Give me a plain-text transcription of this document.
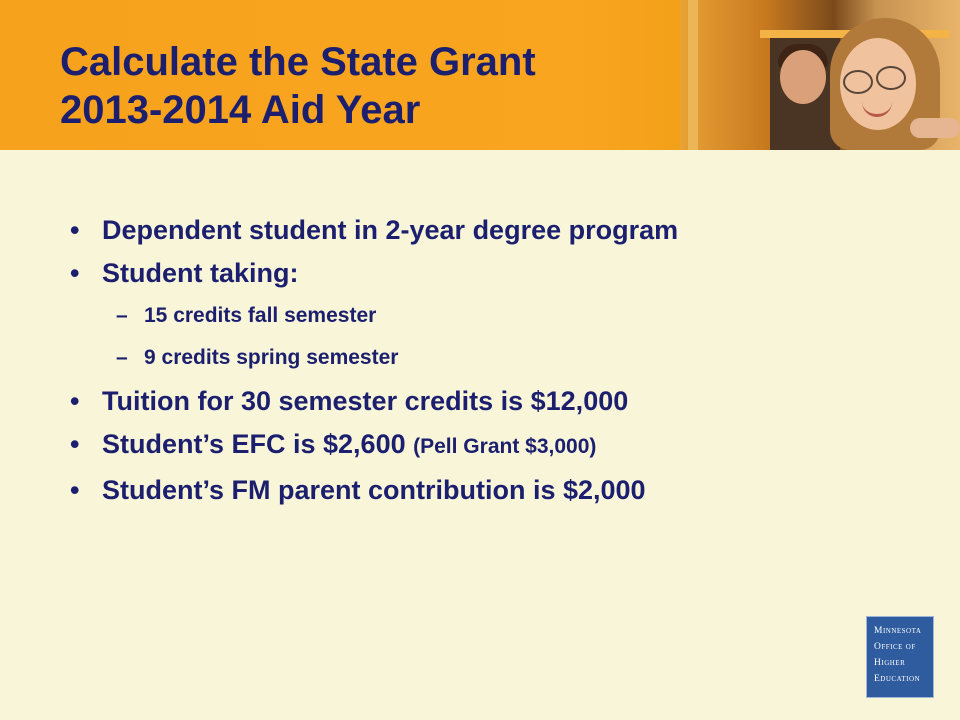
Calculate the State Grant
2013-2014 Aid Year
• Dependent student in 2-year degree program
• Student taking:
– 15 credits fall semester
– 9 credits spring semester
• Tuition for 30 semester credits is $12,000
• Student’s EFC is $2,600 (Pell Grant $3,000)
• Student’s FM parent contribution is $2,000
Minnesota
Office of
Higher
Education
